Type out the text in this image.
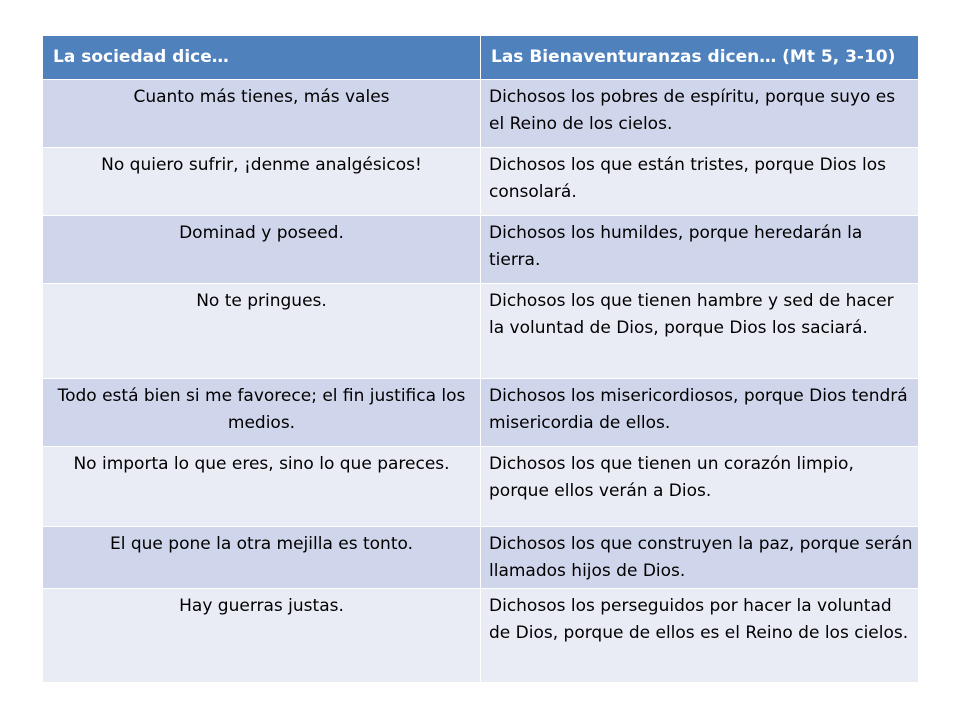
La sociedad dice…	Las Bienaventuranzas dicen… (Mt 5, 3-10)
Cuanto más tienes, más vales	Dichosos los pobres de espíritu, porque suyo es el Reino de los cielos.
No quiero sufrir, ¡denme analgésicos!	Dichosos los que están tristes, porque Dios los consolará.
Dominad y poseed.	Dichosos los humildes, porque heredarán la tierra.
No te pringues.	Dichosos los que tienen hambre y sed de hacer la voluntad de Dios, porque Dios los saciará.
Todo está bien si me favorece; el fin justifica los medios.	Dichosos los misericordiosos, porque Dios tendrá misericordia de ellos.
No importa lo que eres, sino lo que pareces.	Dichosos los que tienen un corazón limpio, porque ellos verán a Dios.
El que pone la otra mejilla es tonto.	Dichosos los que construyen la paz, porque serán llamados hijos de Dios.
Hay guerras justas.	Dichosos los perseguidos por hacer la voluntad de Dios, porque de ellos es el Reino de los cielos.
